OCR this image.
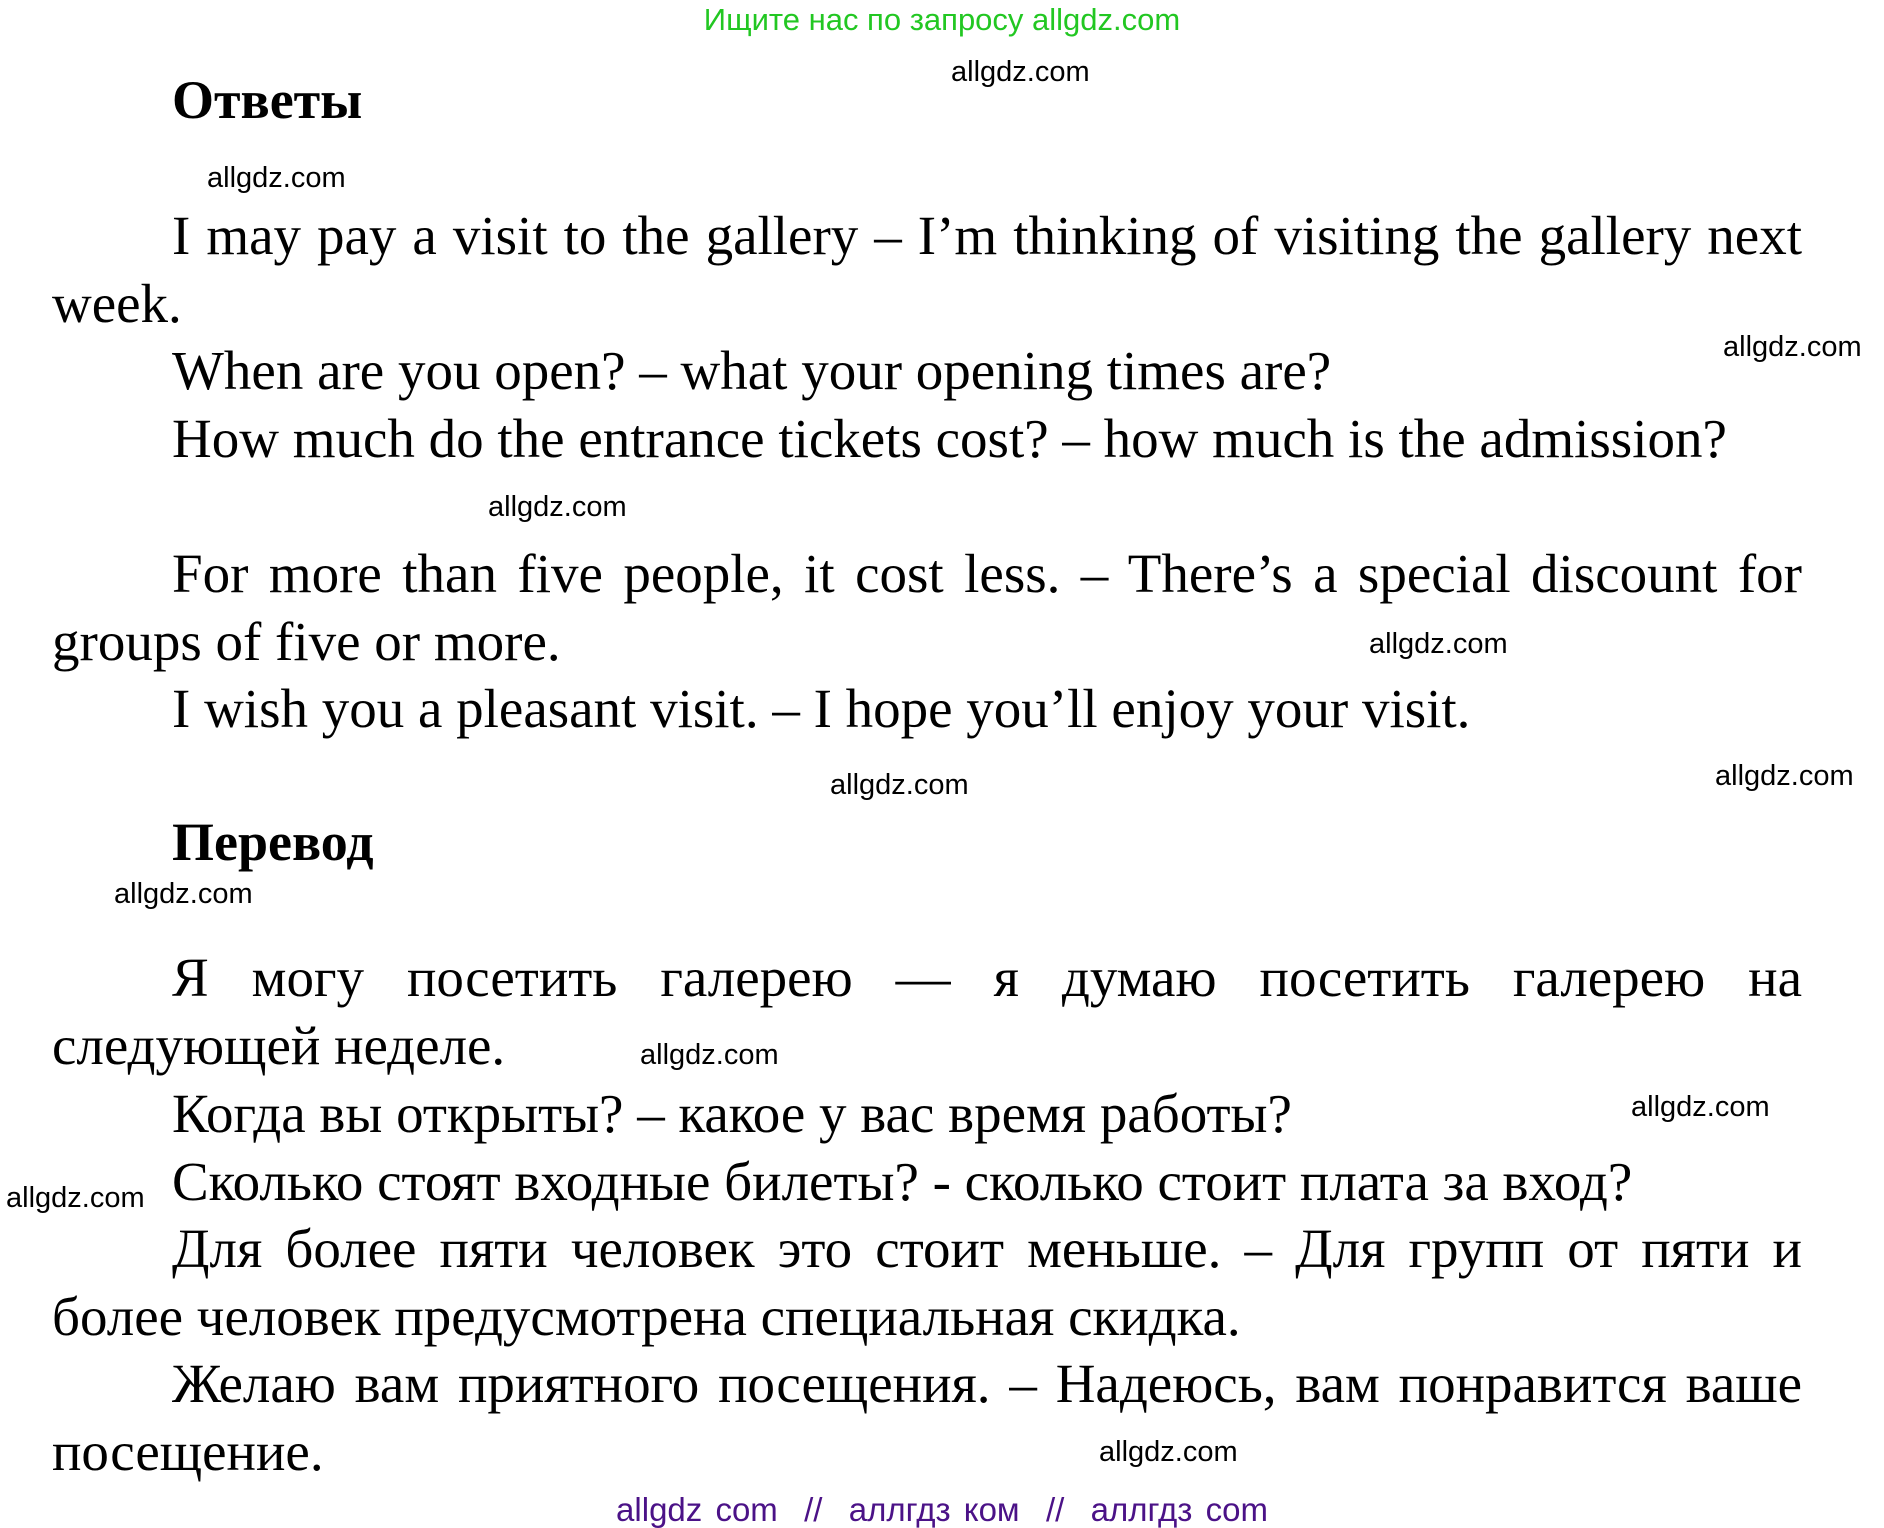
Ищите нас по запросу allgdz.com
Ответы

I may pay a visit to the gallery – I’m thinking of visiting the gallery next week.

When are you open? – what your opening times are?

How much do the entrance tickets cost? – how much is the admission?

For more than five people, it cost less. – There’s a special discount for groups of five or more.

I wish you a pleasant visit. – I hope you’ll enjoy your visit.

Перевод

Я могу посетить галерею — я думаю посетить галерею на следующей неделе.

Когда вы открыты? – какое у вас время работы?

Сколько стоят входные билеты? - сколько стоит плата за вход?

Для более пяти человек это стоит меньше. – Для групп от пяти и более человек предусмотрена специальная скидка.

Желаю вам приятного посещения. – Надеюсь, вам понравится ваше посещение.

allgdz.com
allgdz.com
allgdz.com
allgdz.com
allgdz.com
allgdz.com
allgdz.com
allgdz.com
allgdz.com
allgdz.com
allgdz.com
allgdz.com
allgdz com  //  аллгдз ком  //  аллгдз com
